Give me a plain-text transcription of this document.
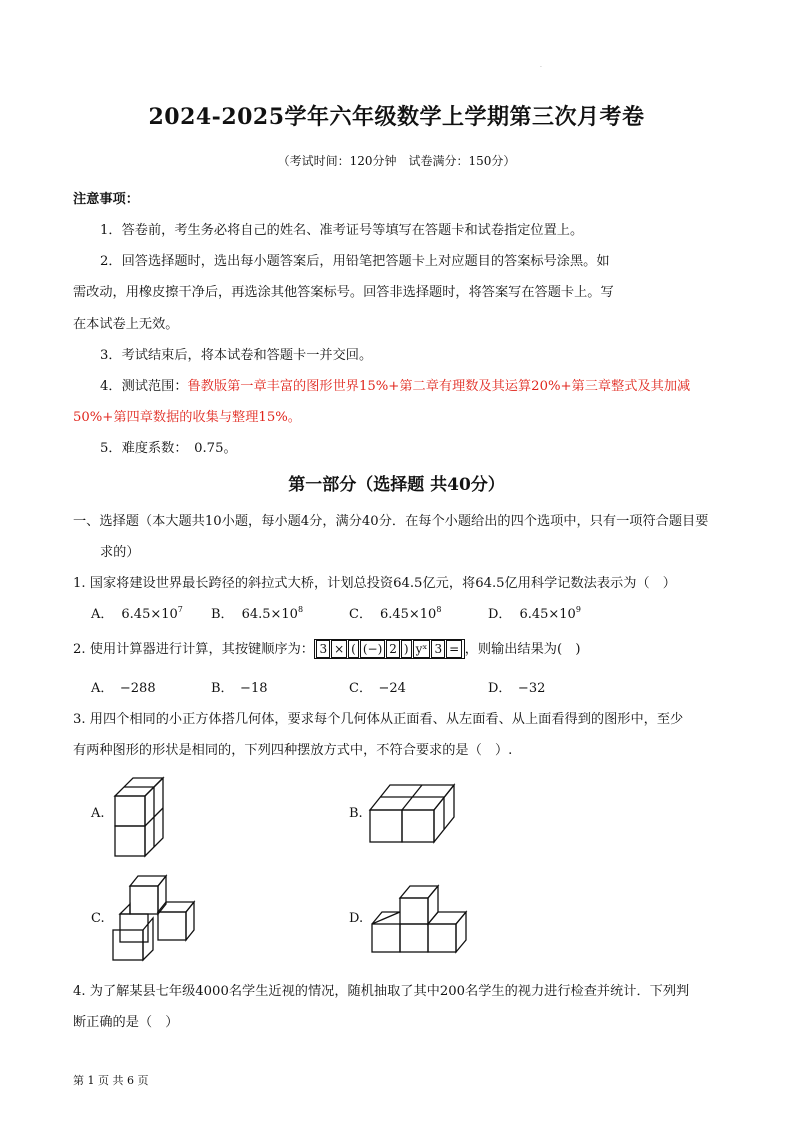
.
2024-2025学年六年级数学上学期第三次月考卷
（考试时间：120分钟　试卷满分：150分）
注意事项：
1．答卷前，考生务必将自己的姓名、准考证号等填写在答题卡和试卷指定位置上。
2．回答选择题时，选出每小题答案后，用铅笔把答题卡上对应题目的答案标号涂黑。如
需改动，用橡皮擦干净后，再选涂其他答案标号。回答非选择题时，将答案写在答题卡上。写
在本试卷上无效。
3．考试结束后，将本试卷和答题卡一并交回。
4．测试范围：鲁教版第一章丰富的图形世界15%+第二章有理数及其运算20%+第三章整式及其加减
50%+第四章数据的收集与整理15%。
5．难度系数：　0.75。
第一部分（选择题 共40分）
一、选择题（本大题共10小题，每小题4分，满分40分．在每个小题给出的四个选项中，只有一项符合题目要
求的）
1. 国家将建设世界最长跨径的斜拉式大桥，计划总投资64.5亿元，将64.5亿用科学记数法表示为（　）
A． $6.45\times 10^7$ B． $64.5\times 10^8$	C． $6.45\times 10^8$	D． $6.45\times 10^9$
2. 使用计算器进行计算，其按键顺序为： 3 × ( (−) 2 ) yˣ 3 = ，则输出结果为(　)
A．　−288	B．　−18	C．　−24	D．　−32
3. 用四个相同的小正方体搭几何体，要求每个几何体从正面看、从左面看、从上面看得到的图形中，至少
有两种图形的形状是相同的，下列四种摆放方式中，不符合要求的是（　）.
A.	B.
C.	D.
4. 为了解某县七年级4000名学生近视的情况，随机抽取了其中200名学生的视力进行检查并统计．下列判
断正确的是（　）
第 1 页 共 6 页
